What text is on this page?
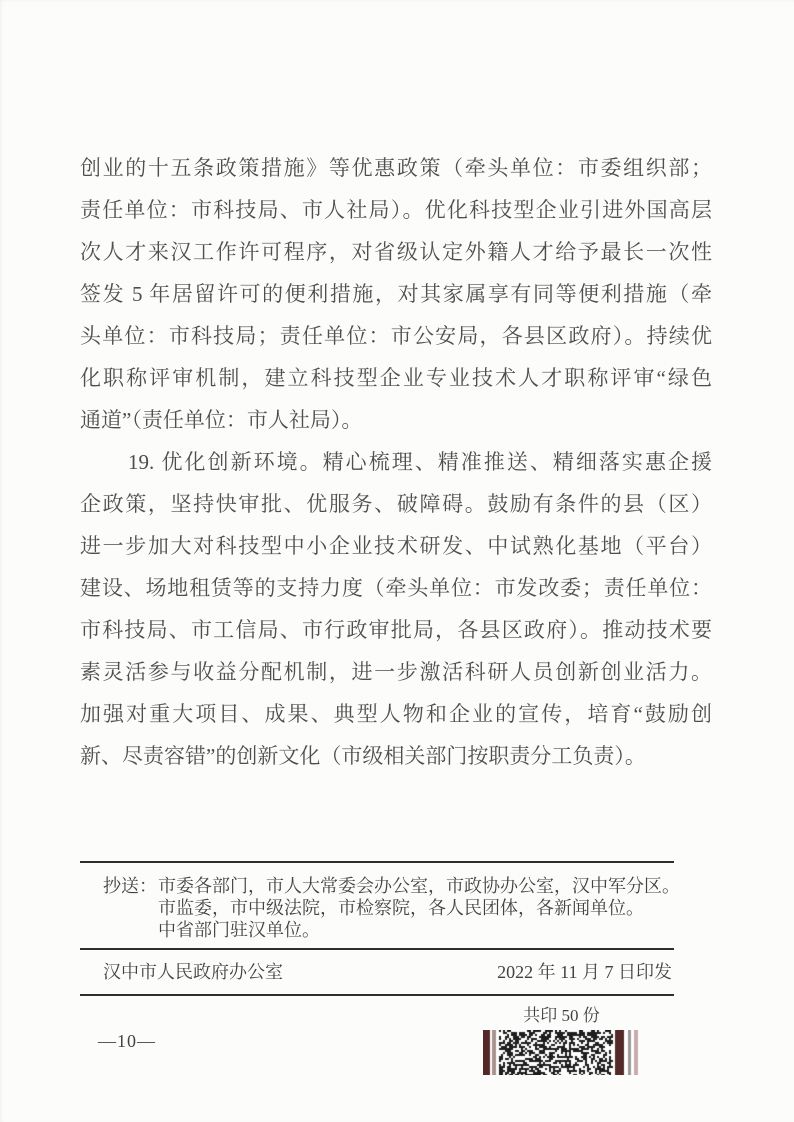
创业的十五条政策措施》等优惠政策（牵头单位：市委组织部；
责任单位：市科技局、市人社局）。优化科技型企业引进外国高层
次人才来汉工作许可程序，对省级认定外籍人才给予最长一次性
签发 5 年居留许可的便利措施，对其家属享有同等便利措施（牵
头单位：市科技局；责任单位：市公安局，各县区政府）。持续优
化职称评审机制，建立科技型企业专业技术人才职称评审“绿色
通道”（责任单位：市人社局）。
19. 优化创新环境。精心梳理、精准推送、精细落实惠企援
企政策，坚持快审批、优服务、破障碍。鼓励有条件的县（区）
进一步加大对科技型中小企业技术研发、中试熟化基地（平台）
建设、场地租赁等的支持力度（牵头单位：市发改委；责任单位：
市科技局、市工信局、市行政审批局，各县区政府）。推动技术要
素灵活参与收益分配机制，进一步激活科研人员创新创业活力。
加强对重大项目、成果、典型人物和企业的宣传，培育“鼓励创
新、尽责容错”的创新文化（市级相关部门按职责分工负责）。
抄送： 市委各部门，市人大常委会办公室，市政协办公室，汉中军分区。
市监委，市中级法院，市检察院，各人民团体，各新闻单位。
中省部门驻汉单位。
汉中市人民政府办公室	2022 年 11 月 7 日印发
共印 50 份
—10—
